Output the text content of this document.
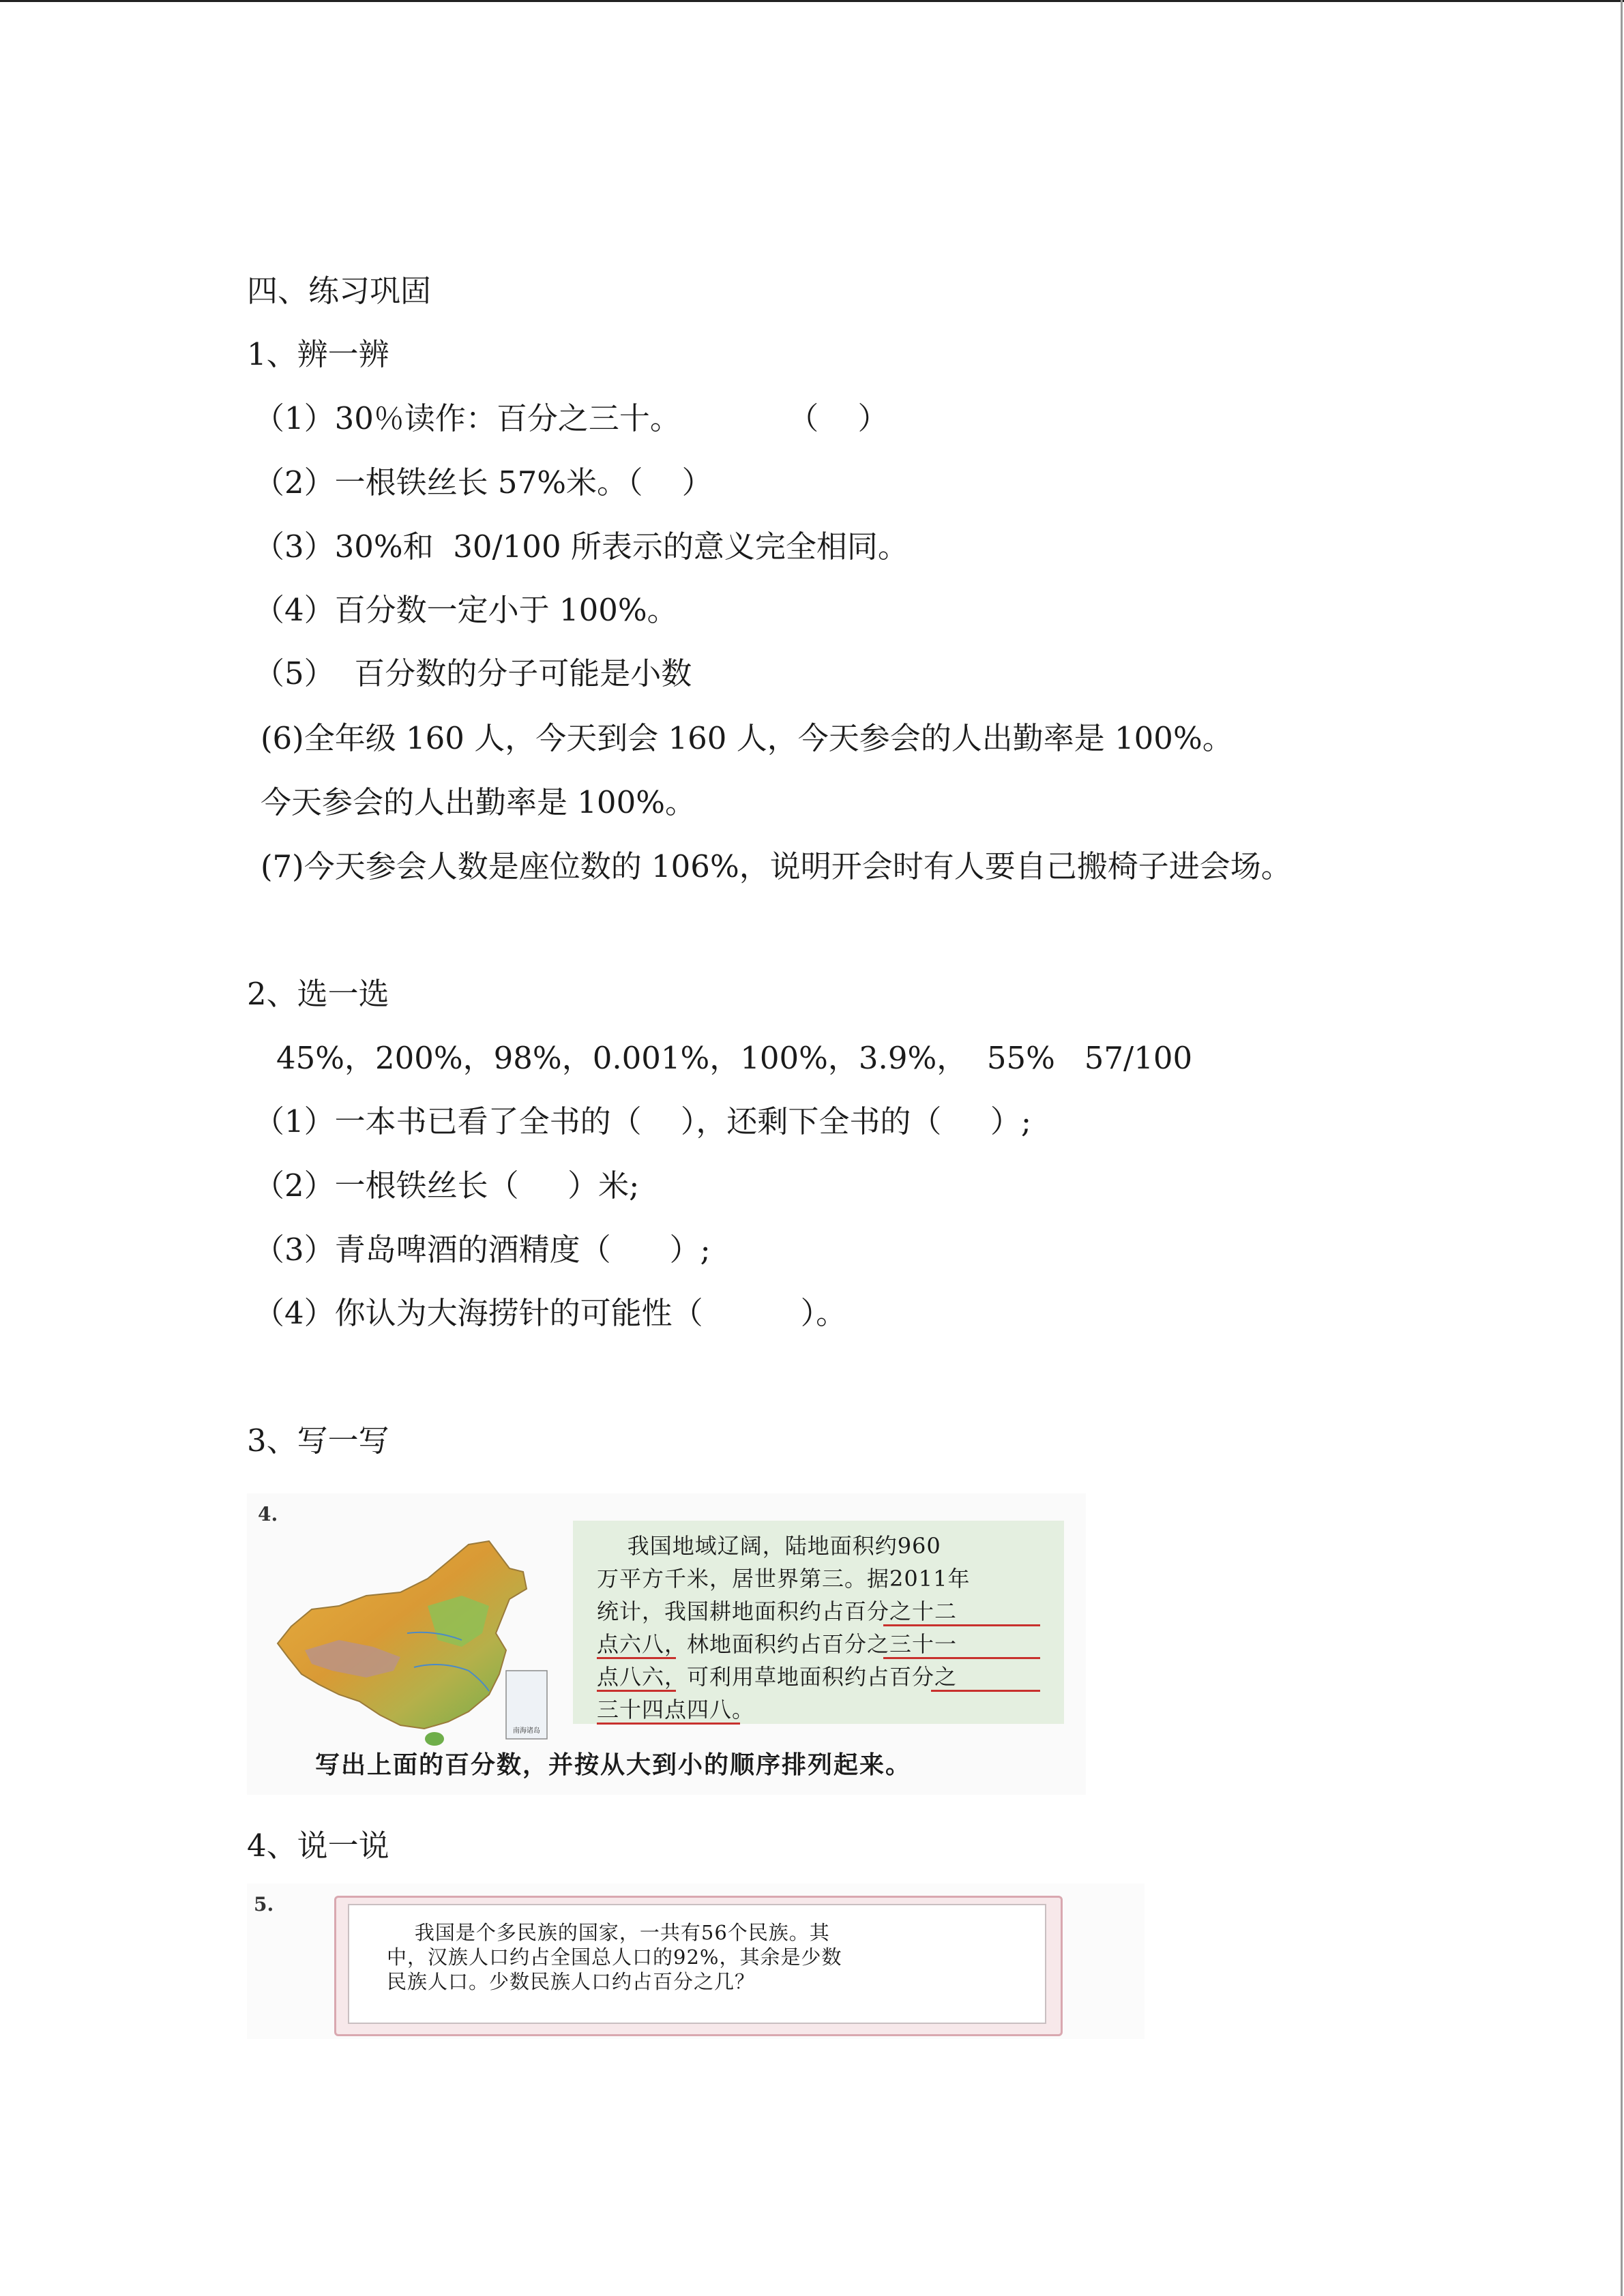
四、练习巩固
1、辨一辨
（1）30％读作：百分之三十。           （    ）
（2）一根铁丝长 57%米。（    ）
（3）30%和  30/100 所表示的意义完全相同。
（4）百分数一定小于 100%。
（5）  百分数的分子可能是小数
(6)全年级 160 人，今天到会 160 人，今天参会的人出勤率是 100%。
今天参会的人出勤率是 100%。
(7)今天参会人数是座位数的 106%，说明开会时有人要自己搬椅子进会场。
2、选一选
45%，200%，98%，0.001%，100%，3.9%，  55%   57/100
（1）一本书已看了全书的（    ），还剩下全书的（     ）;
（2）一根铁丝长（     ）米;
（3）青岛啤酒的酒精度（      ）;
（4）你认为大海捞针的可能性（          ）。
3、写一写
4.
南海诸岛
我国地域辽阔，陆地面积约960
万平方千米，居世界第三。据2011年
统计，我国耕地面积约占百分之十二
点六八，林地面积约占百分之三十一
点八六，可利用草地面积约占百分之
三十四点四八。
写出上面的百分数，并按从大到小的顺序排列起来。
4、说一说
5.
我国是个多民族的国家，一共有56个民族。其
中，汉族人口约占全国总人口的92%，其余是少数
民族人口。少数民族人口约占百分之几？
